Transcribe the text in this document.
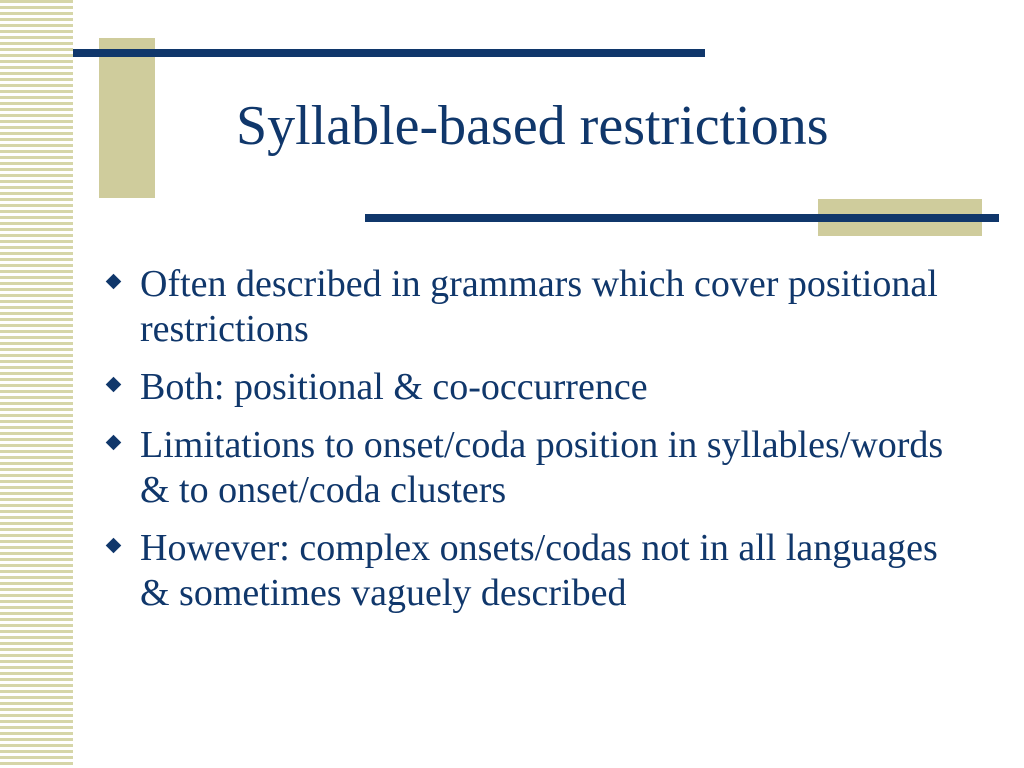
Syllable-based restrictions
Often described in grammars which cover positional restrictions
Both: positional & co-occurrence
Limitations to onset/coda position in syllables/words & to onset/coda clusters
However: complex onsets/codas not in all languages & sometimes vaguely described
